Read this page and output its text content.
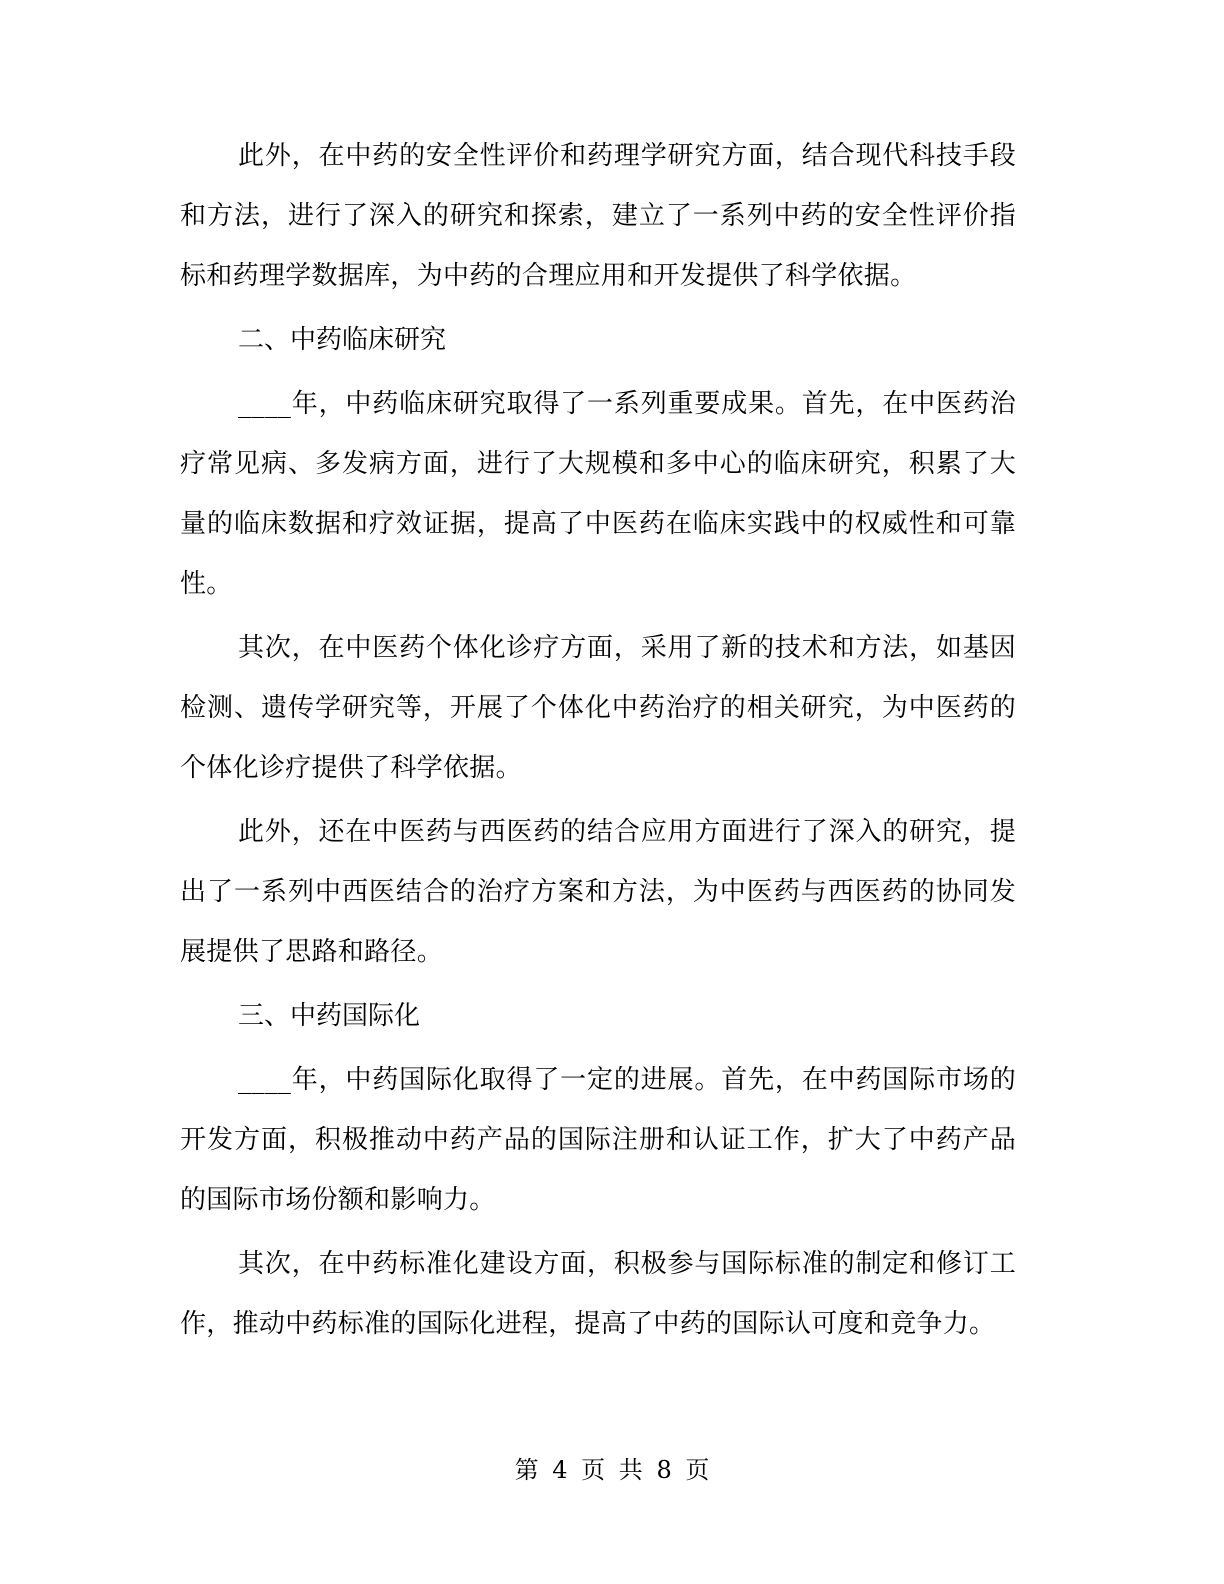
此外，在中药的安全性评价和药理学研究方面，结合现代科技手段和方法，进行了深入的研究和探索，建立了一系列中药的安全性评价指标和药理学数据库，为中药的合理应用和开发提供了科学依据。

二、中药临床研究

____年，中药临床研究取得了一系列重要成果。首先，在中医药治疗常见病、多发病方面，进行了大规模和多中心的临床研究，积累了大量的临床数据和疗效证据，提高了中医药在临床实践中的权威性和可靠性。

其次，在中医药个体化诊疗方面，采用了新的技术和方法，如基因检测、遗传学研究等，开展了个体化中药治疗的相关研究，为中医药的个体化诊疗提供了科学依据。

此外，还在中医药与西医药的结合应用方面进行了深入的研究，提出了一系列中西医结合的治疗方案和方法，为中医药与西医药的协同发展提供了思路和路径。

三、中药国际化

____年，中药国际化取得了一定的进展。首先，在中药国际市场的开发方面，积极推动中药产品的国际注册和认证工作，扩大了中药产品的国际市场份额和影响力。

其次，在中药标准化建设方面，积极参与国际标准的制定和修订工作，推动中药标准的国际化进程，提高了中药的国际认可度和竞争力。

第 4 页 共 8 页
